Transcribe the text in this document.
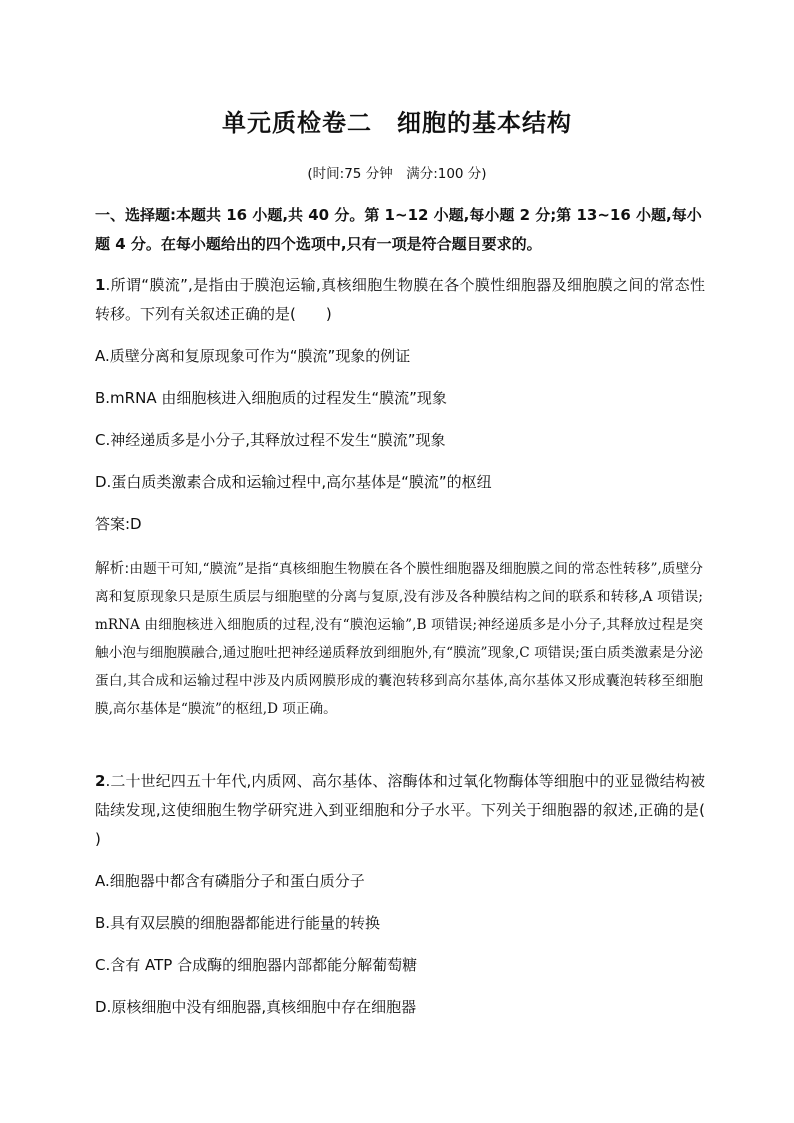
单元质检卷二　细胞的基本结构
(时间:75 分钟　满分:100 分)
一、选择题:本题共 16 小题,共 40 分。第 1~12 小题,每小题 2 分;第 13~16 小题,每小题 4 分。在每小题给出的四个选项中,只有一项是符合题目要求的。
1.所谓“膜流”,是指由于膜泡运输,真核细胞生物膜在各个膜性细胞器及细胞膜之间的常态性转移。下列有关叙述正确的是(　　)
A.质壁分离和复原现象可作为“膜流”现象的例证
B.mRNA 由细胞核进入细胞质的过程发生“膜流”现象
C.神经递质多是小分子,其释放过程不发生“膜流”现象
D.蛋白质类激素合成和运输过程中,高尔基体是“膜流”的枢纽
答案:D
解析:由题干可知,“膜流”是指“真核细胞生物膜在各个膜性细胞器及细胞膜之间的常态性转移”,质壁分离和复原现象只是原生质层与细胞壁的分离与复原,没有涉及各种膜结构之间的联系和转移,A 项错误;mRNA 由细胞核进入细胞质的过程,没有“膜泡运输”,B 项错误;神经递质多是小分子,其释放过程是突触小泡与细胞膜融合,通过胞吐把神经递质释放到细胞外,有“膜流”现象,C 项错误;蛋白质类激素是分泌蛋白,其合成和运输过程中涉及内质网膜形成的囊泡转移到高尔基体,高尔基体又形成囊泡转移至细胞膜,高尔基体是“膜流”的枢纽,D 项正确。
2.二十世纪四五十年代,内质网、高尔基体、溶酶体和过氧化物酶体等细胞中的亚显微结构被陆续发现,这使细胞生物学研究进入到亚细胞和分子水平。下列关于细胞器的叙述,正确的是(　　)
A.细胞器中都含有磷脂分子和蛋白质分子
B.具有双层膜的细胞器都能进行能量的转换
C.含有 ATP 合成酶的细胞器内部都能分解葡萄糖
D.原核细胞中没有细胞器,真核细胞中存在细胞器
